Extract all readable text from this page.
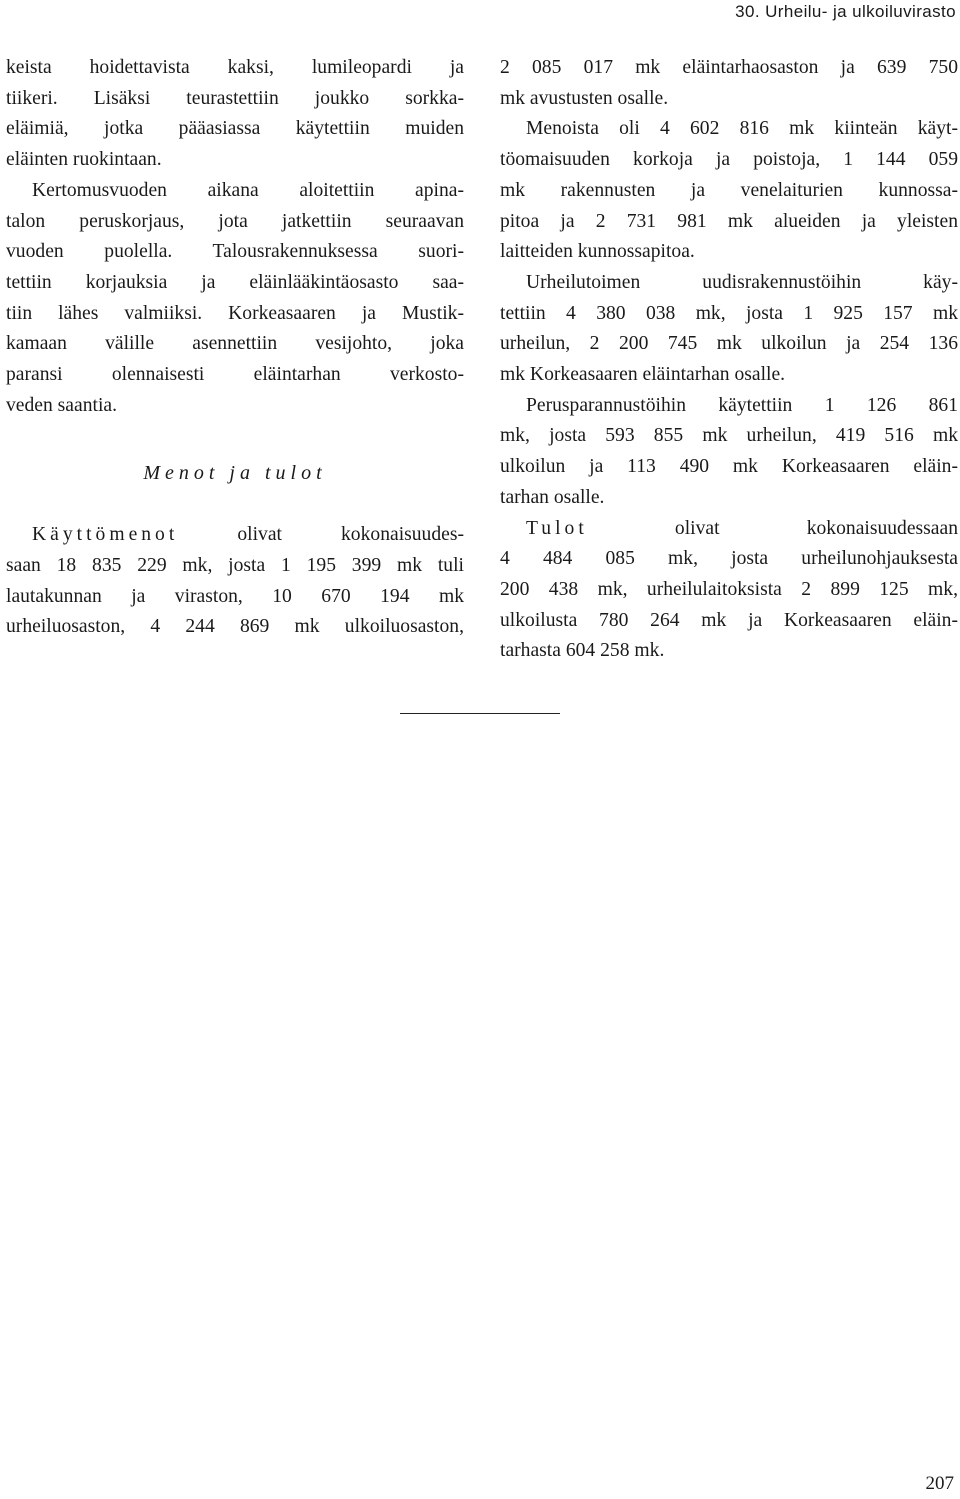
30. Urheilu- ja ulkoiluvirasto
keista hoidettavista kaksi, lumileopardi ja
tiikeri. Lisäksi teurastettiin joukko sorkka-
eläimiä, jotka pääasiassa käytettiin muiden
eläinten ruokintaan.
Kertomusvuoden aikana aloitettiin apina-
talon peruskorjaus, jota jatkettiin seuraavan
vuoden puolella. Talousrakennuksessa suori-
tettiin korjauksia ja eläinlääkintäosasto saa-
tiin lähes valmiiksi. Korkeasaaren ja Mustik-
kamaan välille asennettiin vesijohto, joka
paransi olennaisesti eläintarhan verkosto-
veden saantia.
Menot ja tulot
Käyttömenot olivat kokonaisuudes-
saan 18 835 229 mk, josta 1 195 399 mk tuli
lautakunnan ja viraston, 10 670 194 mk
urheiluosaston, 4 244 869 mk ulkoiluosaston,
2 085 017 mk eläintarhaosaston ja 639 750
mk avustusten osalle.
Menoista oli 4 602 816 mk kiinteän käyt-
töomaisuuden korkoja ja poistoja, 1 144 059
mk rakennusten ja venelaiturien kunnossa-
pitoa ja 2 731 981 mk alueiden ja yleisten
laitteiden kunnossapitoa.
Urheilutoimen uudisrakennustöihin käy-
tettiin 4 380 038 mk, josta 1 925 157 mk
urheilun, 2 200 745 mk ulkoilun ja 254 136
mk Korkeasaaren eläintarhan osalle.
Perusparannustöihin käytettiin 1 126 861
mk, josta 593 855 mk urheilun, 419 516 mk
ulkoilun ja 113 490 mk Korkeasaaren eläin-
tarhan osalle.
Tulot olivat kokonaisuudessaan
4 484 085 mk, josta urheilunohjauksesta
200 438 mk, urheilulaitoksista 2 899 125 mk,
ulkoilusta 780 264 mk ja Korkeasaaren eläin-
tarhasta 604 258 mk.
207
